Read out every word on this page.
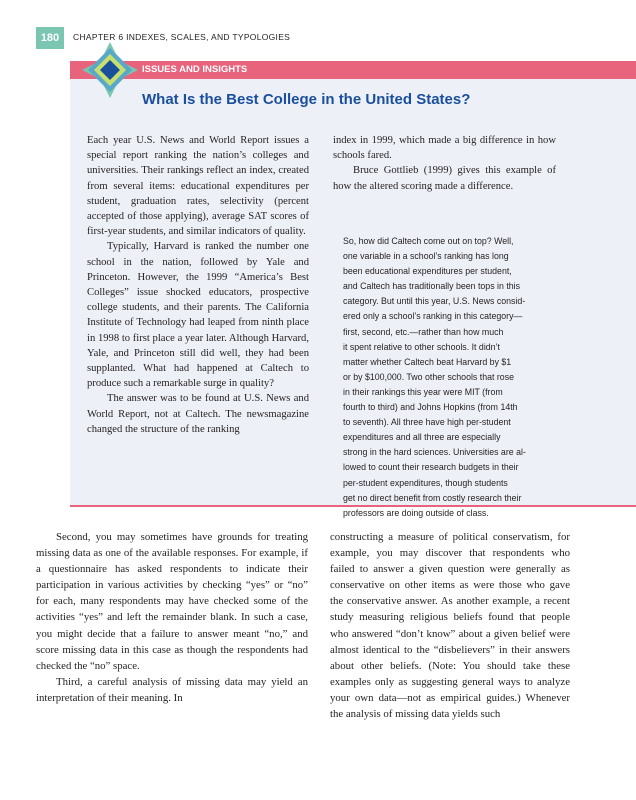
180	CHAPTER 6 INDEXES, SCALES, AND TYPOLOGIES
ISSUES AND INSIGHTS
What Is the Best College in the United States?

Each year U.S. News and World Report issues a special report ranking the nation’s colleges and universities. Their rankings reflect an index, created from several items: educational expenditures per student, graduation rates, selectivity (percent accepted of those applying), average SAT scores of first-year students, and similar indicators of quality.

Typically, Harvard is ranked the number one school in the nation, followed by Yale and Princeton. However, the 1999 “America’s Best Colleges” issue shocked educators, prospective college students, and their parents. The California Institute of Technology had leaped from ninth place in 1998 to first place a year later. Although Harvard, Yale, and Princeton still did well, they had been supplanted. What had happened at Caltech to produce such a remarkable surge in quality?

The answer was to be found at U.S. News and World Report, not at Caltech. The newsmagazine changed the structure of the ranking

index in 1999, which made a big difference in how schools fared.

Bruce Gottlieb (1999) gives this example of how the altered scoring made a difference.

So, how did Caltech come out on top? Well,
one variable in a school’s ranking has long
been educational expenditures per student,
and Caltech has traditionally been tops in this
category. But until this year, U.S. News consid-
ered only a school’s ranking in this category—
first, second, etc.—rather than how much
it spent relative to other schools. It didn’t
matter whether Caltech beat Harvard by $1
or by $100,000. Two other schools that rose
in their rankings this year were MIT (from
fourth to third) and Johns Hopkins (from 14th
to seventh). All three have high per-student
expenditures and all three are especially
strong in the hard sciences. Universities are al-
lowed to count their research budgets in their
per-student expenditures, though students
get no direct benefit from costly research their
professors are doing outside of class.

Second, you may sometimes have grounds for treating missing data as one of the available responses. For example, if a questionnaire has asked respondents to indicate their participation in various activities by checking “yes” or “no” for each, many respondents may have checked some of the activities “yes” and left the remainder blank. In such a case, you might decide that a failure to answer meant “no,” and score missing data in this case as though the respondents had checked the “no” space.

Third, a careful analysis of missing data may yield an interpretation of their meaning. In

constructing a measure of political conservatism, for example, you may discover that respondents who failed to answer a given question were generally as conservative on other items as were those who gave the conservative answer. As another example, a recent study measuring religious beliefs found that people who answered “don’t know” about a given belief were almost identical to the “disbelievers” in their answers about other beliefs. (Note: You should take these examples only as suggesting general ways to analyze your own data—not as empirical guides.) Whenever the analysis of missing data yields such
